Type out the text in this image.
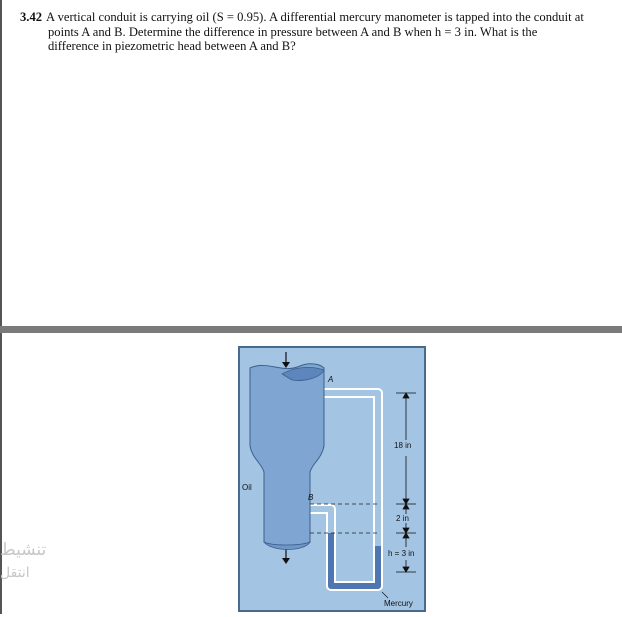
3.42 A vertical conduit is carrying oil (S = 0.95). A differential mercury manometer is tapped into the conduit at
points A and B. Determine the difference in pressure between A and B when h = 3 in. What is the
difference in piezometric head between A and B?
A
B
Oil
18 in
2 in
h = 3 in
Mercury
تنشيط
انتقل
